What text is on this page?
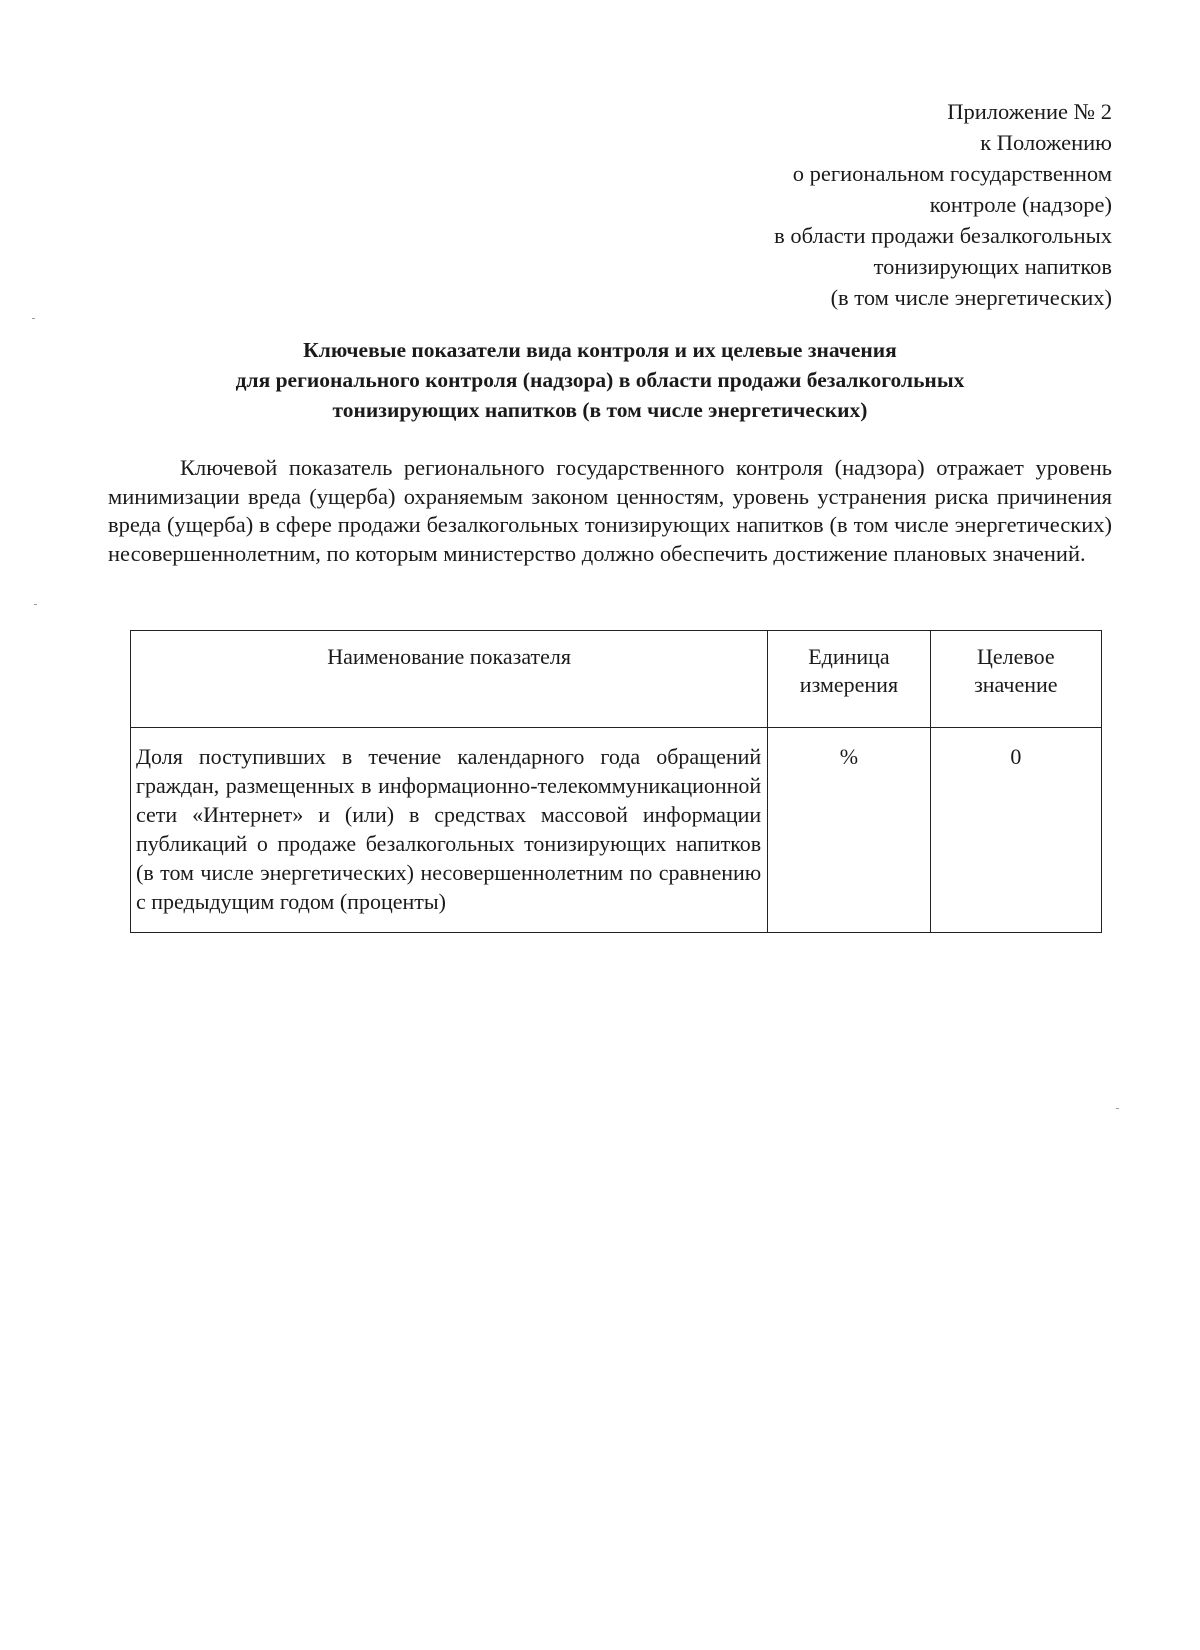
Приложение № 2
к Положению
о региональном государственном
контроле (надзоре)
в области продажи безалкогольных
тонизирующих напитков
(в том числе энергетических)
Ключевые показатели вида контроля и их целевые значения
для регионального контроля (надзора) в области продажи безалкогольных
тонизирующих напитков (в том числе энергетических)

Ключевой показатель регионального государственного контроля (надзора) отражает уровень минимизации вреда (ущерба) охраняемым законом ценностям, уровень устранения риска причинения вреда (ущерба) в сфере продажи безалкогольных тонизирующих напитков (в том числе энергетических) несовершеннолетним, по которым министерство должно обеспечить достижение плановых значений.

Наименование показателя	Единица измерения	Целевое значение
Доля поступивших в течение календарного года обращений граждан, размещенных в информационно-телекоммуникационной сети «Интернет» и (или) в средствах массовой информации публикаций о продаже безалкогольных тонизирующих напитков (в том числе энергетических) несовершеннолетним по сравнению с предыдущим годом (проценты)	%	0
